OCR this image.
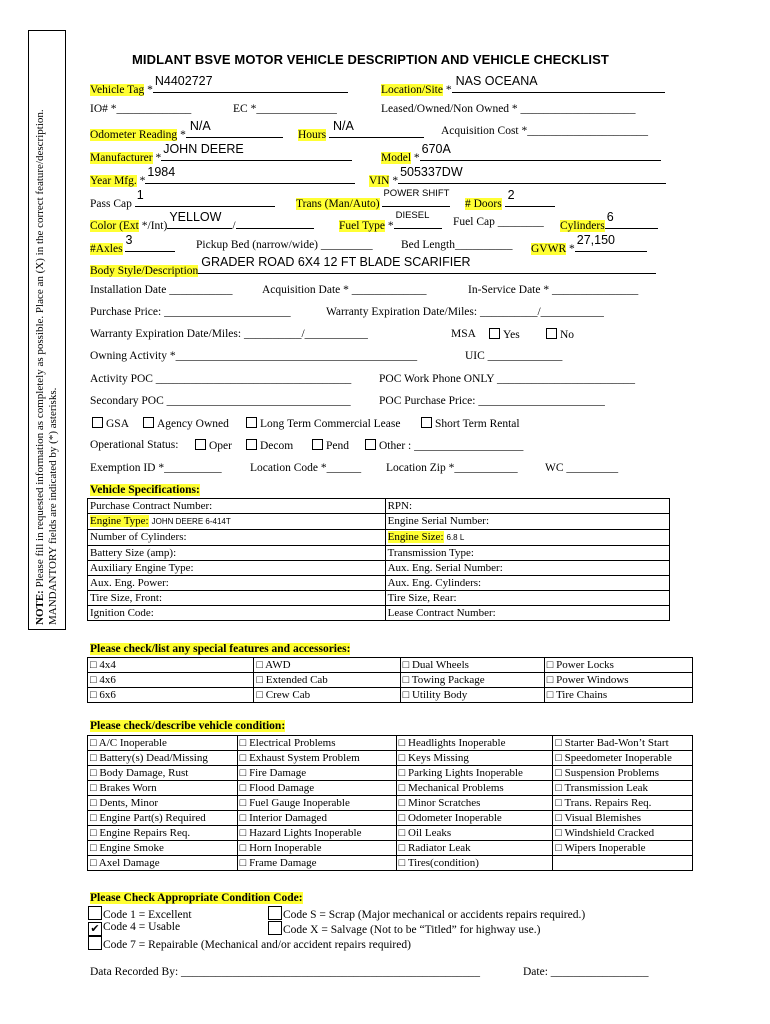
NOTE: Please fill in requested information as completely as possible. Place an (X) in the correct feature/description. MANDANTORY fields are indicated by (*) asterisks.
MIDLANT BSVE MOTOR VEHICLE DESCRIPTION AND VEHICLE CHECKLIST
Vehicle Tag *
N4402727
Location/Site *
NAS OCEANA
IO# *_____________	EC *______________	Leased/Owned/Non Owned * ____________________
Odometer Reading *
N/A
Hours
N/A	Acquisition Cost *_____________________
Manufacturer *
JOHN DEERE
Model *
670A
Year Mfg. *
1984
VIN *
505337DW
Pass Cap
1
Trans (Man/Auto)
POWER SHIFT
# Doors
2
Color (Ext */Int)
YELLOW
/	Fuel Type *
DIESEL
Fuel Cap ________ Cylinders
6
#Axles
3	Pickup Bed (narrow/wide) _________ Bed Length__________ GVWR *
27,150
Body Style/Description
GRADER ROAD 6X4 12 FT BLADE SCARIFIER
Installation Date ___________	Acquisition Date * _____________	In-Service Date * _______________
Purchase Price: ______________________	Warranty Expiration Date/Miles: __________/___________
Warranty Expiration Date/Miles: __________/___________	MSA	Yes	No
Owning Activity *__________________________________________	UIC _____________
Activity POC __________________________________ POC Work Phone ONLY ________________________
Secondary POC ________________________________ POC Purchase Price: ______________________
GSA	Agency Owned	Long Term Commercial Lease	Short Term Rental
Operational Status:	Oper	Decom	Pend	Other : ___________________
Exemption ID *__________ Location Code *______ Location Zip *___________ WC _________
Vehicle Specifications:
Purchase Contract Number:	RPN:
Engine Type: JOHN DEERE 6-414T	Engine Serial Number:
Number of Cylinders:	Engine Size: 6.8 L
Battery Size (amp):	Transmission Type:
Auxiliary Engine Type:	Aux. Eng. Serial Number:
Aux. Eng. Power:	Aux. Eng. Cylinders:
Tire Size, Front:	Tire Size, Rear:
Ignition Code:	Lease Contract Number:
Please check/list any special features and accessories:
□ 4x4	□ AWD	□ Dual Wheels	□ Power Locks
□ 4x6	□ Extended Cab	□ Towing Package	□ Power Windows
□ 6x6	□ Crew Cab	□ Utility Body	□ Tire Chains
Please check/describe vehicle condition:
□ A/C Inoperable	□ Electrical Problems	□ Headlights Inoperable	□ Starter Bad-Won’t Start
□ Battery(s) Dead/Missing	□ Exhaust System Problem	□ Keys Missing	□ Speedometer Inoperable
□ Body Damage, Rust	□ Fire Damage	□ Parking Lights Inoperable	□ Suspension Problems
□ Brakes Worn	□ Flood Damage	□ Mechanical Problems	□ Transmission Leak
□ Dents, Minor	□ Fuel Gauge Inoperable	□ Minor Scratches	□ Trans. Repairs Req.
□ Engine Part(s) Required	□ Interior Damaged	□ Odometer Inoperable	□ Visual Blemishes
□ Engine Repairs Req.	□ Hazard Lights Inoperable	□ Oil Leaks	□ Windshield Cracked
□ Engine Smoke	□ Horn Inoperable	□ Radiator Leak	□ Wipers Inoperable
□ Axel Damage	□ Frame Damage	□ Tires(condition)	
Please Check Appropriate Condition Code:
Code 1 = Excellent
✔ Code 4 = Usable
Code 7 = Repairable (Mechanical and/or accident repairs required)
Code S = Scrap (Major mechanical or accidents repairs required.)
Code X = Salvage (Not to be “Titled” for highway use.)
Data Recorded By: ____________________________________________________	Date: _________________
